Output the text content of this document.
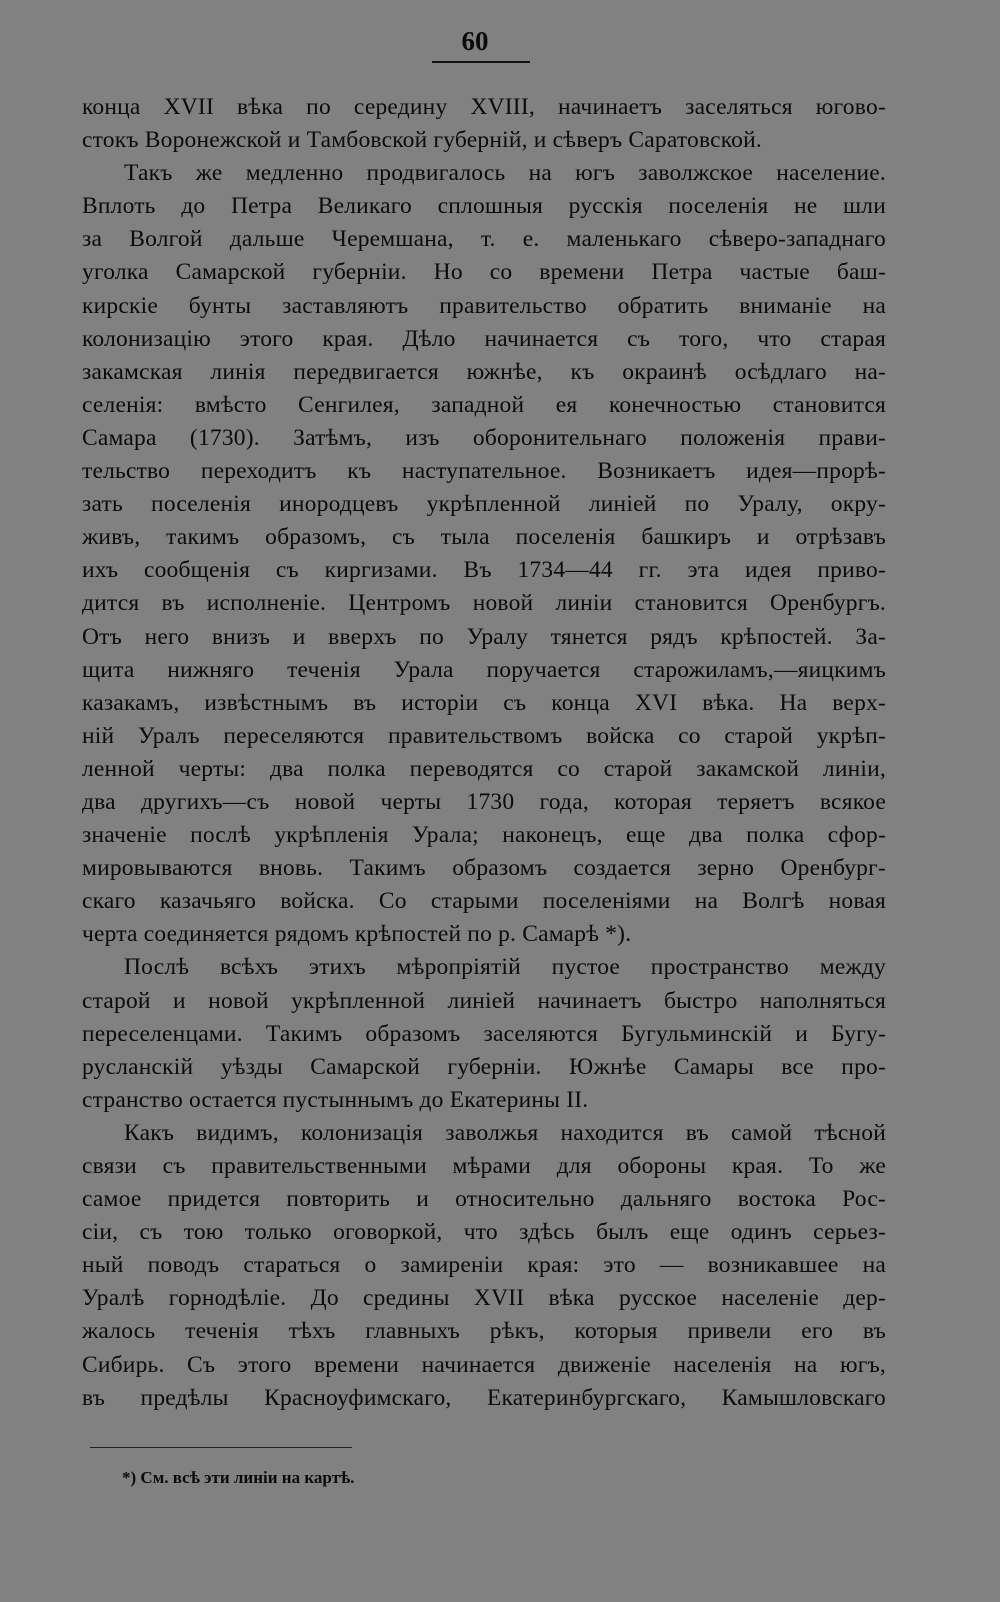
60
конца XVII вѣка по середину XVIII, начинаетъ заселяться юговo-
стокъ Воронежской и Тамбовской губерній, и сѣверъ Саратовской.
Такъ же медленно продвигалось на югъ заволжское население.
Вплоть до Петра Великаго сплошныя русскія поселенія не шли
за Волгой дальше Черемшана, т. е. маленькаго сѣверо-западнаго
уголка Самарской губерніи. Но со времени Петра частые баш-
кирскіе бунты заставляютъ правительство обратить вниманіе на
колонизацію этого края. Дѣло начинается съ того, что старая
закамская линія передвигается южнѣе, къ окраинѣ осѣдлаго на-
селенія: вмѣсто Сенгилея, западной ея конечностью становится
Самара (1730). Затѣмъ, изъ оборонительнаго положенія прави-
тельство переходитъ къ наступательное. Возникаетъ идея—прорѣ-
зать поселенія инородцевъ укрѣпленной линіей по Уралу, окру-
живъ, такимъ образомъ, съ тыла поселенія башкиръ и отрѣзавъ
ихъ сообщенія съ киргизами. Въ 1734—44 гг. эта идея приво-
дится въ исполненіе. Центромъ новой линіи становится Оренбургъ.
Отъ него внизъ и вверхъ по Уралу тянется рядъ крѣпостей. За-
щита нижняго теченія Урала поручается старожиламъ,—яицкимъ
казакамъ, извѣстнымъ въ исторіи съ конца XVI вѣка. На верх-
ній Уралъ переселяются правительствомъ войска со старой укрѣп-
ленной черты: два полка переводятся со старой закамской линіи,
два другихъ—съ новой черты 1730 года, которая теряетъ всякое
значеніе послѣ укрѣпленія Урала; наконецъ, еще два полка сфор-
мировываются вновь. Такимъ образомъ создается зерно Оренбург-
скаго казачьяго войска. Со старыми поселеніями на Волгѣ новая
черта соединяется рядомъ крѣпостей по р. Самарѣ *).
Послѣ всѣхъ этихъ мѣропріятій пустое пространство между
старой и новой укрѣпленной линіей начинаетъ быстро наполняться
переселенцами. Такимъ образомъ заселяются Бугульминскій и Бугу-
русланскій уѣзды Самарской губерніи. Южнѣе Самары все про-
странство остается пустыннымъ до Екатерины II.
Какъ видимъ, колонизація заволжья находится въ самой тѣсной
связи съ правительственными мѣрами для обороны края. То же
самое придется повторить и относительно дальняго востока Рос-
сіи, съ тою только оговоркой, что здѣсь былъ еще одинъ серьез-
ный поводъ стараться о замиреніи края: это — возникавшее на
Уралѣ горнодѣліе. До средины XVII вѣка русское населеніе дер-
жалось теченія тѣхъ главныхъ рѣкъ, которыя привели его въ
Сибирь. Съ этого времени начинается движеніе населенія на югъ,
въ предѣлы Красноуфимскаго, Екатеринбургскаго, Камышловскаго
*) См. всѣ эти линіи на картѣ.
